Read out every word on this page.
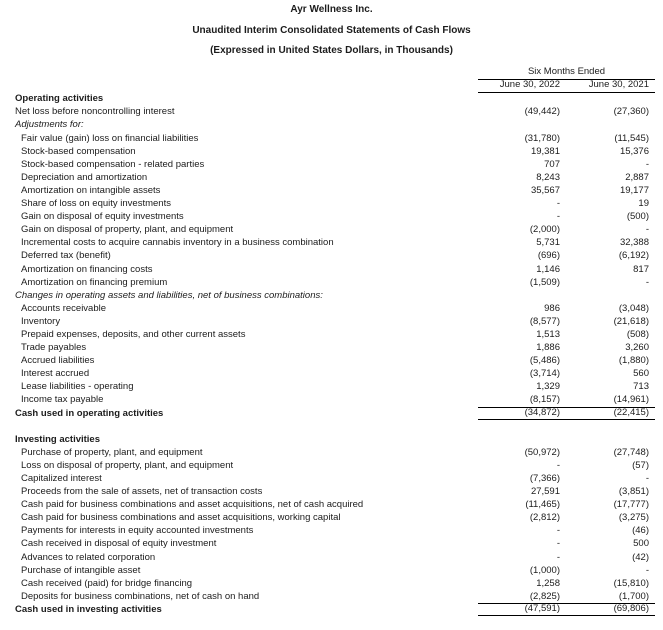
Ayr Wellness Inc.
Unaudited Interim Consolidated Statements of Cash Flows
(Expressed in United States Dollars, in Thousands)
Six Months Ended
June 30, 2022	June 30, 2021
Operating activities
Net loss before noncontrolling interest	(49,442)	(27,360)
Adjustments for:
Fair value (gain) loss on financial liabilities	(31,780)	(11,545)
Stock-based compensation	19,381	15,376
Stock-based compensation - related parties	707	-
Depreciation and amortization	8,243	2,887
Amortization on intangible assets	35,567	19,177
Share of loss on equity investments	-	19
Gain on disposal of equity investments	-	(500)
Gain on disposal of property, plant, and equipment	(2,000)	-
Incremental costs to acquire cannabis inventory in a business combination	5,731	32,388
Deferred tax (benefit)	(696)	(6,192)
Amortization on financing costs	1,146	817
Amortization on financing premium	(1,509)	-
Changes in operating assets and liabilities, net of business combinations:
Accounts receivable	986	(3,048)
Inventory	(8,577)	(21,618)
Prepaid expenses, deposits, and other current assets	1,513	(508)
Trade payables	1,886	3,260
Accrued liabilities	(5,486)	(1,880)
Interest accrued	(3,714)	560
Lease liabilities - operating	1,329	713
Income tax payable	(8,157)	(14,961)
Cash used in operating activities	(34,872)	(22,415)
Investing activities
Purchase of property, plant, and equipment	(50,972)	(27,748)
Loss on disposal of property, plant, and equipment	-	(57)
Capitalized interest	(7,366)	-
Proceeds from the sale of assets, net of transaction costs	27,591	(3,851)
Cash paid for business combinations and asset acquisitions, net of cash acquired	(11,465)	(17,777)
Cash paid for business combinations and asset acquisitions, working capital	(2,812)	(3,275)
Payments for interests in equity accounted investments	-	(46)
Cash received in disposal of equity investment	-	500
Advances to related corporation	-	(42)
Purchase of intangible asset	(1,000)	-
Cash received (paid) for bridge financing	1,258	(15,810)
Deposits for business combinations, net of cash on hand	(2,825)	(1,700)
Cash used in investing activities	(47,591)	(69,806)
